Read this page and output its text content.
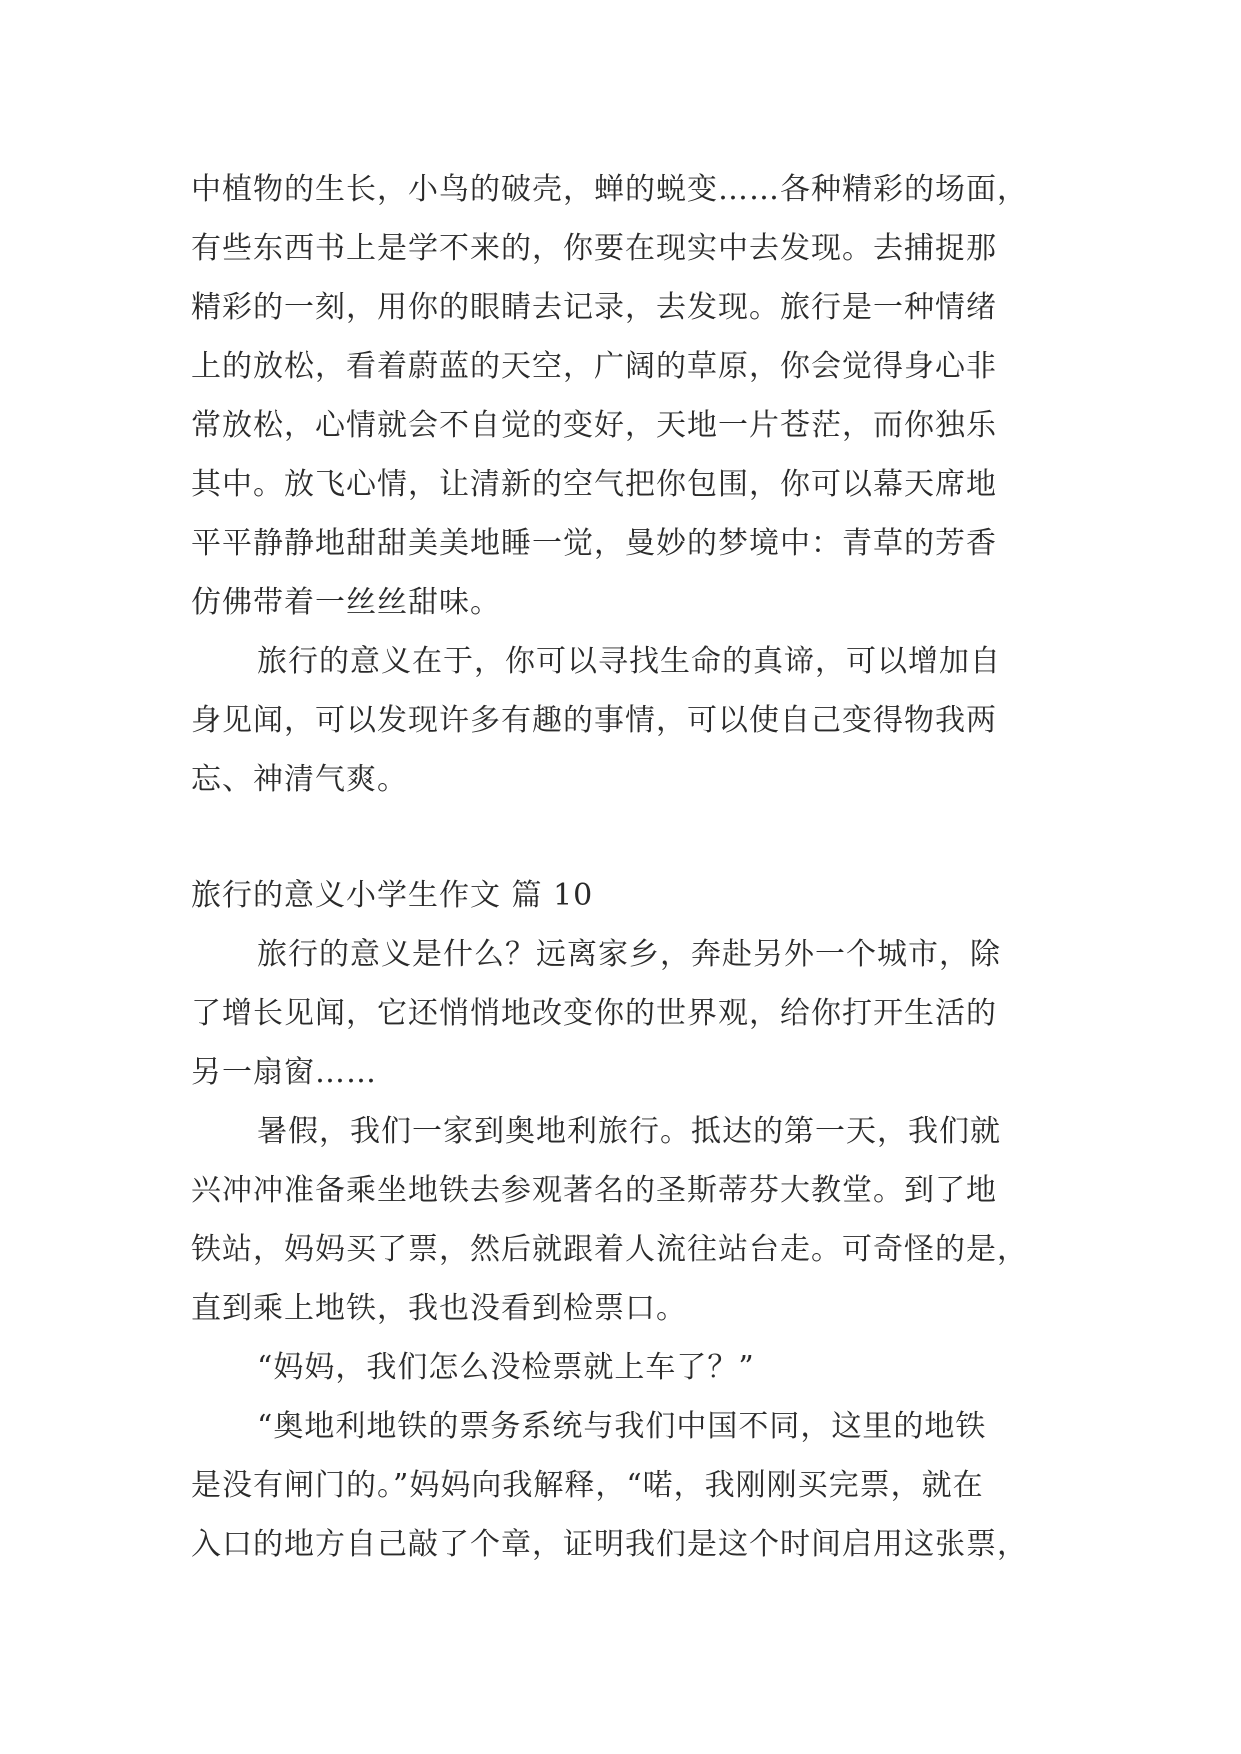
中植物的生长，小鸟的破壳，蝉的蜕变……各种精彩的场面，
有些东西书上是学不来的，你要在现实中去发现。去捕捉那
精彩的一刻，用你的眼睛去记录，去发现。旅行是一种情绪
上的放松，看着蔚蓝的天空，广阔的草原，你会觉得身心非
常放松，心情就会不自觉的变好，天地一片苍茫，而你独乐
其中。放飞心情，让清新的空气把你包围，你可以幕天席地
平平静静地甜甜美美地睡一觉，曼妙的梦境中：青草的芳香
仿佛带着一丝丝甜味。
旅行的意义在于，你可以寻找生命的真谛，可以增加自
身见闻，可以发现许多有趣的事情，可以使自己变得物我两
忘、神清气爽。
旅行的意义小学生作文 篇 10
旅行的意义是什么？远离家乡，奔赴另外一个城市，除
了增长见闻，它还悄悄地改变你的世界观，给你打开生活的
另一扇窗……
暑假，我们一家到奥地利旅行。抵达的第一天，我们就
兴冲冲准备乘坐地铁去参观著名的圣斯蒂芬大教堂。到了地
铁站，妈妈买了票，然后就跟着人流往站台走。可奇怪的是，
直到乘上地铁，我也没看到检票口。
“妈妈，我们怎么没检票就上车了？”
“奥地利地铁的票务系统与我们中国不同，这里的地铁
是没有闸门的。”妈妈向我解释，“喏，我刚刚买完票，就在
入口的地方自己敲了个章，证明我们是这个时间启用这张票，
